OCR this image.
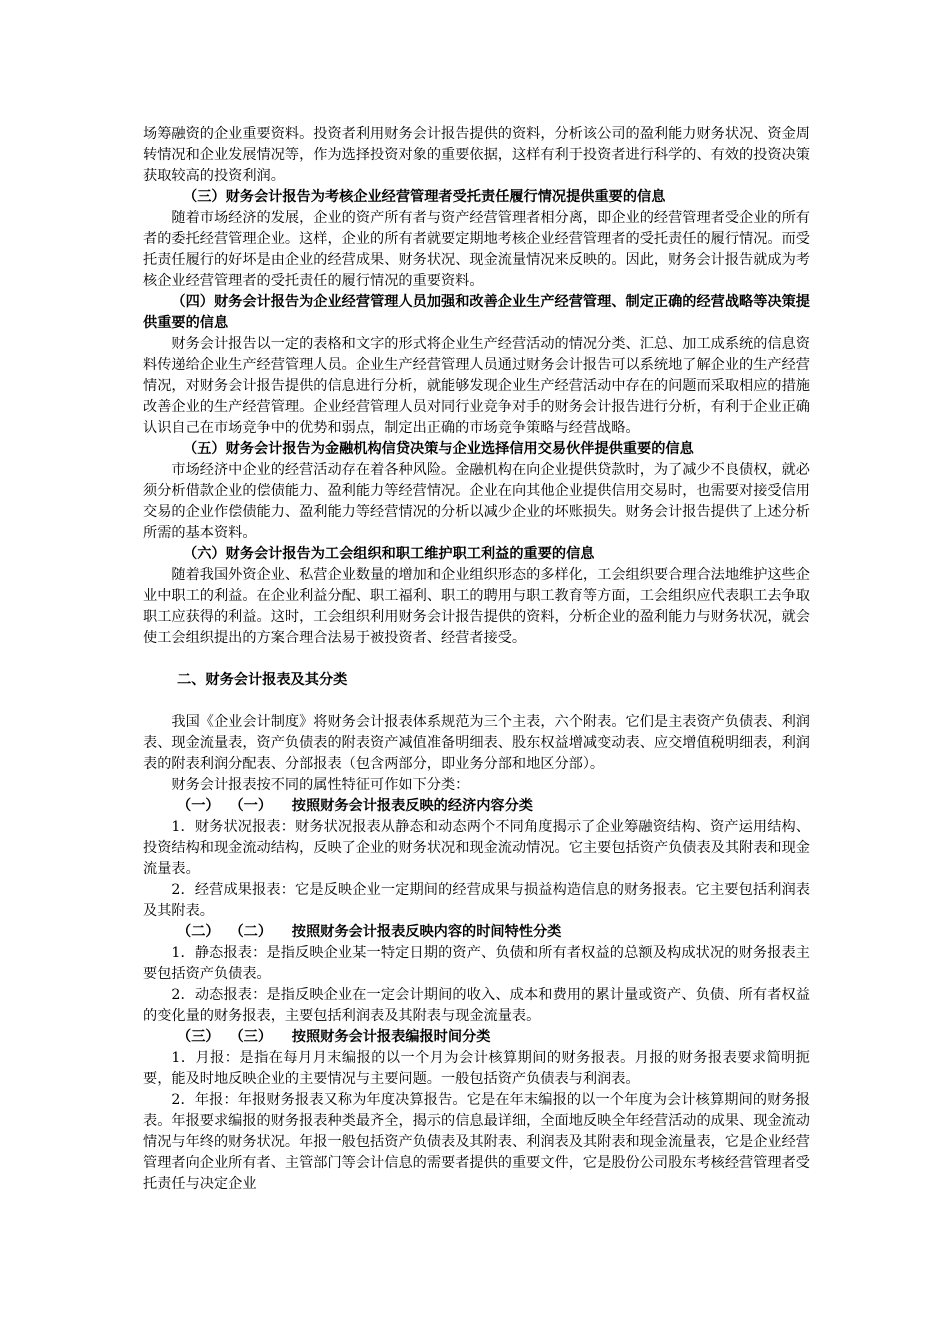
场筹融资的企业重要资料。投资者利用财务会计报告提供的资料，分析该公司的盈利能力财务状况、资金周转情况和企业发展情况等，作为选择投资对象的重要依据，这样有利于投资者进行科学的、有效的投资决策获取较高的投资利润。

（三）财务会计报告为考核企业经营管理者受托责任履行情况提供重要的信息

随着市场经济的发展，企业的资产所有者与资产经营管理者相分离，即企业的经营管理者受企业的所有者的委托经营管理企业。这样，企业的所有者就要定期地考核企业经营管理者的受托责任的履行情况。而受托责任履行的好坏是由企业的经营成果、财务状况、现金流量情况来反映的。因此，财务会计报告就成为考核企业经营管理者的受托责任的履行情况的重要资料。

（四）财务会计报告为企业经营管理人员加强和改善企业生产经营管理、制定正确的经营战略等决策提供重要的信息

财务会计报告以一定的表格和文字的形式将企业生产经营活动的情况分类、汇总、加工成系统的信息资料传递给企业生产经营管理人员。企业生产经营管理人员通过财务会计报告可以系统地了解企业的生产经营情况，对财务会计报告提供的信息进行分析，就能够发现企业生产经营活动中存在的问题而采取相应的措施改善企业的生产经营管理。企业经营管理人员对同行业竞争对手的财务会计报告进行分析，有利于企业正确认识自己在市场竞争中的优势和弱点，制定出正确的市场竞争策略与经营战略。

（五）财务会计报告为金融机构信贷决策与企业选择信用交易伙伴提供重要的信息

市场经济中企业的经营活动存在着各种风险。金融机构在向企业提供贷款时，为了减少不良债权，就必须分析借款企业的偿债能力、盈利能力等经营情况。企业在向其他企业提供信用交易时，也需要对接受信用交易的企业作偿债能力、盈利能力等经营情况的分析以减少企业的坏账损失。财务会计报告提供了上述分析所需的基本资料。

（六）财务会计报告为工会组织和职工维护职工利益的重要的信息

随着我国外资企业、私营企业数量的增加和企业组织形态的多样化，工会组织要合理合法地维护这些企业中职工的利益。在企业利益分配、职工福利、职工的聘用与职工教育等方面，工会组织应代表职工去争取职工应获得的利益。这时，工会组织利用财务会计报告提供的资料，分析企业的盈利能力与财务状况，就会使工会组织提出的方案合理合法易于被投资者、经营者接受。

二、财务会计报表及其分类

我国《企业会计制度》将财务会计报表体系规范为三个主表，六个附表。它们是主表资产负债表、利润表、现金流量表，资产负债表的附表资产减值准备明细表、股东权益增减变动表、应交增值税明细表，利润表的附表利润分配表、分部报表（包含两部分，即业务分部和地区分部）。

财务会计报表按不同的属性特征可作如下分类：

（一）  （一）    按照财务会计报表反映的经济内容分类

1．财务状况报表：财务状况报表从静态和动态两个不同角度揭示了企业筹融资结构、资产运用结构、投资结构和现金流动结构，反映了企业的财务状况和现金流动情况。它主要包括资产负债表及其附表和现金流量表。

2．经营成果报表：它是反映企业一定期间的经营成果与损益构造信息的财务报表。它主要包括利润表及其附表。

（二）  （二）    按照财务会计报表反映内容的时间特性分类

1．静态报表：是指反映企业某一特定日期的资产、负债和所有者权益的总额及构成状况的财务报表主要包括资产负债表。

2．动态报表：是指反映企业在一定会计期间的收入、成本和费用的累计量或资产、负债、所有者权益的变化量的财务报表，主要包括利润表及其附表与现金流量表。

（三）  （三）    按照财务会计报表编报时间分类

1．月报：是指在每月月末编报的以一个月为会计核算期间的财务报表。月报的财务报表要求简明扼要，能及时地反映企业的主要情况与主要问题。一般包括资产负债表与利润表。

2．年报：年报财务报表又称为年度决算报告。它是在年末编报的以一个年度为会计核算期间的财务报表。年报要求编报的财务报表种类最齐全，揭示的信息最详细，全面地反映全年经营活动的成果、现金流动情况与年终的财务状况。年报一般包括资产负债表及其附表、利润表及其附表和现金流量表，它是企业经营管理者向企业所有者、主管部门等会计信息的需要者提供的重要文件，它是股份公司股东考核经营管理者受托责任与决定企业
